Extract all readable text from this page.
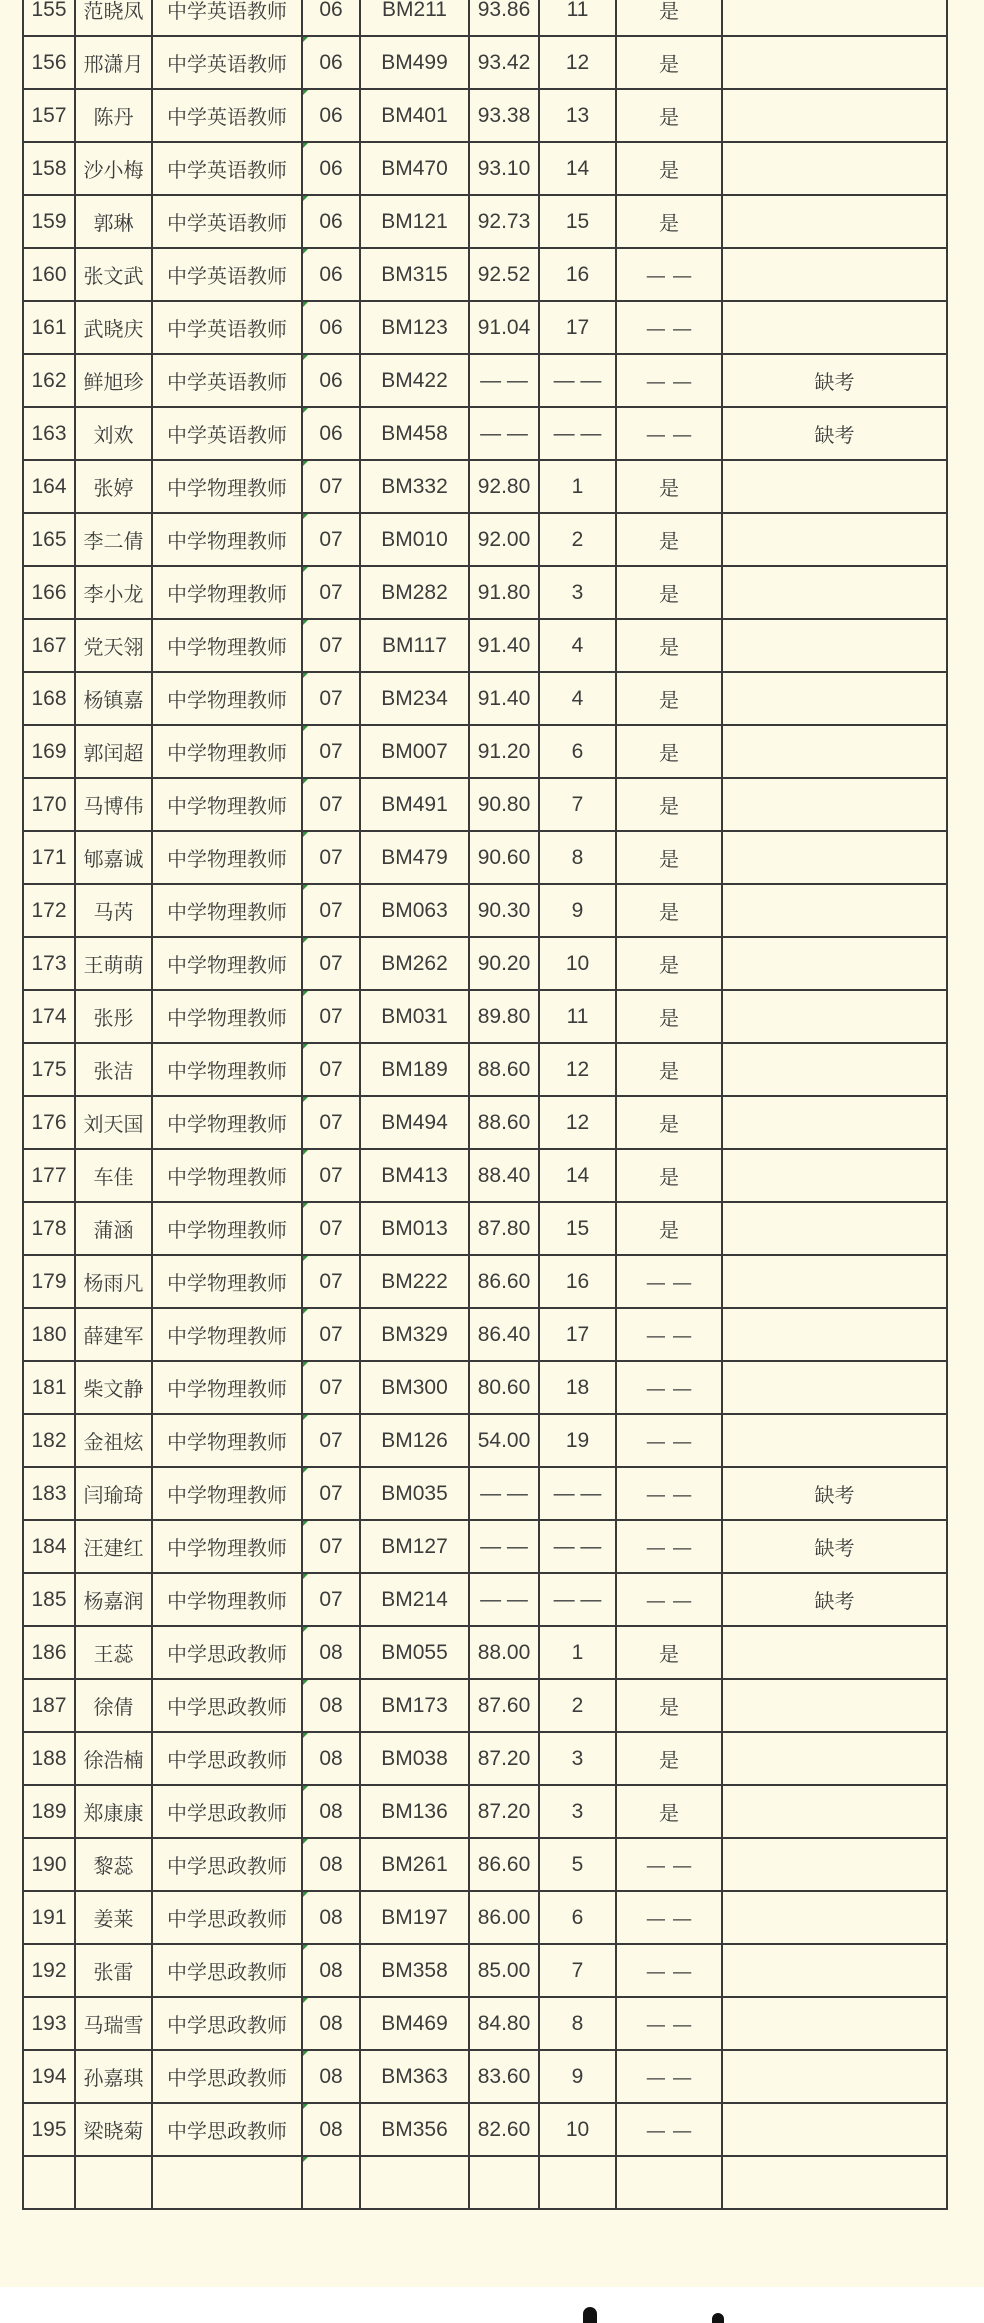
155	范晓凤	中学英语教师	06	BM211	93.86	11	是	
156	邢潇月	中学英语教师	06	BM499	93.42	12	是	
157	陈丹	中学英语教师	06	BM401	93.38	13	是	
158	沙小梅	中学英语教师	06	BM470	93.10	14	是	
159	郭琳	中学英语教师	06	BM121	92.73	15	是	
160	张文武	中学英语教师	06	BM315	92.52	16	— —	
161	武晓庆	中学英语教师	06	BM123	91.04	17	— —	
162	鲜旭珍	中学英语教师	06	BM422	— —	— —	— —	缺考
163	刘欢	中学英语教师	06	BM458	— —	— —	— —	缺考
164	张婷	中学物理教师	07	BM332	92.80	1	是	
165	李二倩	中学物理教师	07	BM010	92.00	2	是	
166	李小龙	中学物理教师	07	BM282	91.80	3	是	
167	党天翎	中学物理教师	07	BM117	91.40	4	是	
168	杨镇嘉	中学物理教师	07	BM234	91.40	4	是	
169	郭闰超	中学物理教师	07	BM007	91.20	6	是	
170	马博伟	中学物理教师	07	BM491	90.80	7	是	
171	郇嘉诚	中学物理教师	07	BM479	90.60	8	是	
172	马芮	中学物理教师	07	BM063	90.30	9	是	
173	王萌萌	中学物理教师	07	BM262	90.20	10	是	
174	张彤	中学物理教师	07	BM031	89.80	11	是	
175	张洁	中学物理教师	07	BM189	88.60	12	是	
176	刘天国	中学物理教师	07	BM494	88.60	12	是	
177	车佳	中学物理教师	07	BM413	88.40	14	是	
178	蒲涵	中学物理教师	07	BM013	87.80	15	是	
179	杨雨凡	中学物理教师	07	BM222	86.60	16	— —	
180	薛建军	中学物理教师	07	BM329	86.40	17	— —	
181	柴文静	中学物理教师	07	BM300	80.60	18	— —	
182	金祖炫	中学物理教师	07	BM126	54.00	19	— —	
183	闫瑜琦	中学物理教师	07	BM035	— —	— —	— —	缺考
184	汪建红	中学物理教师	07	BM127	— —	— —	— —	缺考
185	杨嘉润	中学物理教师	07	BM214	— —	— —	— —	缺考
186	王蕊	中学思政教师	08	BM055	88.00	1	是	
187	徐倩	中学思政教师	08	BM173	87.60	2	是	
188	徐浩楠	中学思政教师	08	BM038	87.20	3	是	
189	郑康康	中学思政教师	08	BM136	87.20	3	是	
190	黎蕊	中学思政教师	08	BM261	86.60	5	— —	
191	姜莱	中学思政教师	08	BM197	86.00	6	— —	
192	张雷	中学思政教师	08	BM358	85.00	7	— —	
193	马瑞雪	中学思政教师	08	BM469	84.80	8	— —	
194	孙嘉琪	中学思政教师	08	BM363	83.60	9	— —	
195	梁晓菊	中学思政教师	08	BM356	82.60	10	— —	
